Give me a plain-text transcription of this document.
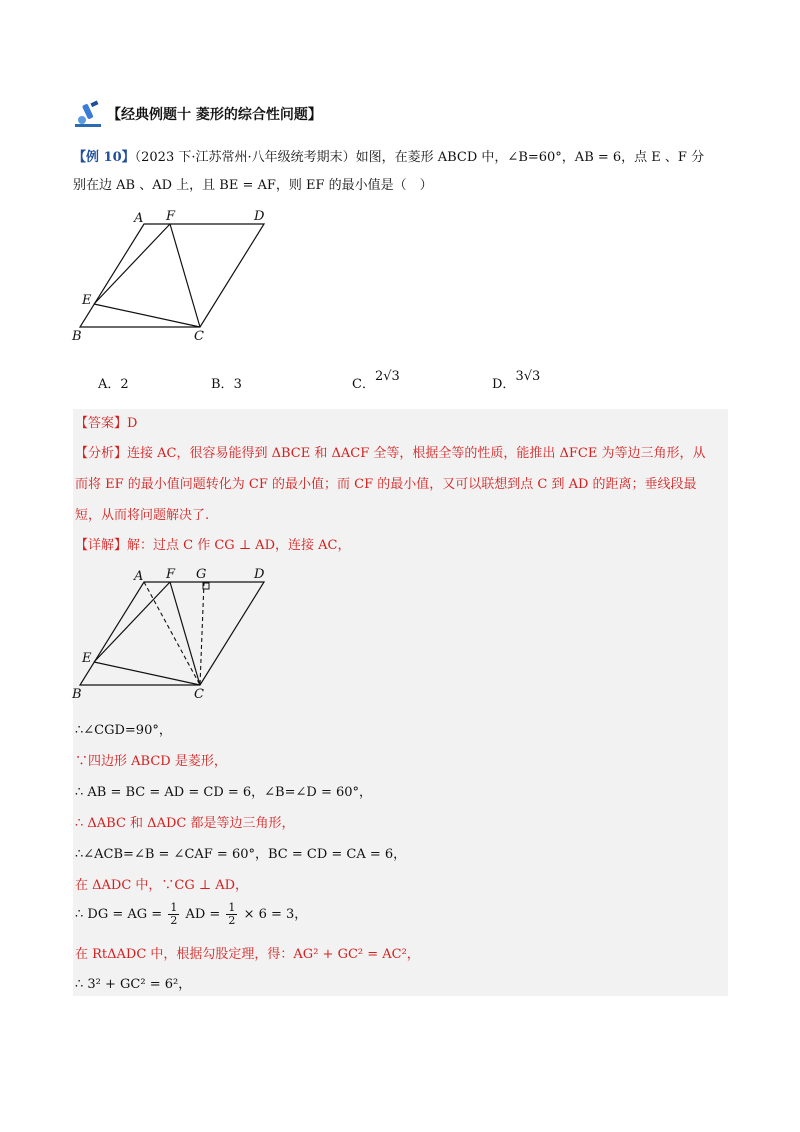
【经典例题十 菱形的综合性问题】
【例 10】（2023 下·江苏常州·八年级统考期末）如图，在菱形 ABCD 中，∠B=60°，AB = 6，点 E 、F 分
别在边 AB 、AD 上，且 BE = AF，则 EF 的最小值是（　）
A F	D
E
B	C
A．2	B．3	C．2√3
D．3√3
【答案】D
【分析】连接 AC，很容易能得到 ΔBCE 和 ΔACF 全等，根据全等的性质，能推出 ΔFCE 为等边三角形，从
而将 EF 的最小值问题转化为 CF 的最小值；而 CF 的最小值，又可以联想到点 C 到 AD 的距离；垂线段最
短，从而将问题解决了.
【详解】解：过点 C 作 CG ⊥ AD，连接 AC，
A F G	D
E
B	C
∴∠CGD=90°，
∵四边形 ABCD 是菱形，
∴ AB = BC = AD = CD = 6，∠B=∠D = 60°，
∴ ΔABC 和 ΔADC 都是等边三角形，
∴∠ACB=∠B = ∠CAF = 60°，BC = CD = CA = 6，
在 ΔADC 中，∵CG ⊥ AD，
∴ DG = AG = $\frac{1}{2}$ AD = $\frac{1}{2} \times 6 = 3$，
在 RtΔADC 中，根据勾股定理，得：AG² + GC² = AC²，
∴ 3² + GC² = 6²，
